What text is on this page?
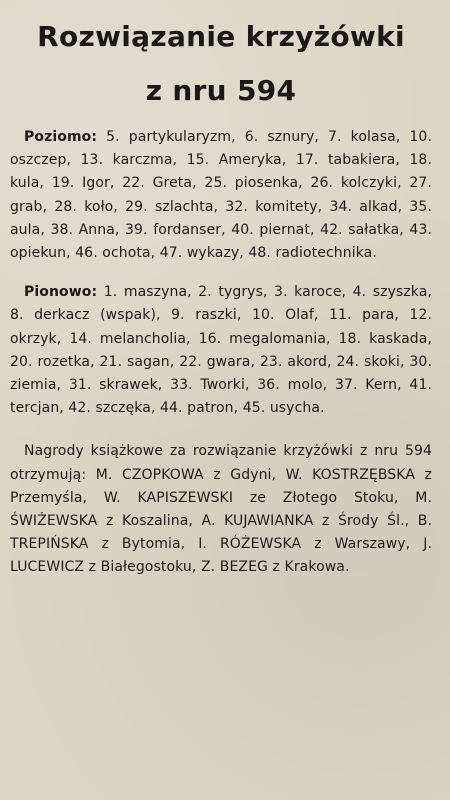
Rozwiązanie krzyżówki
z nru 594

Poziomo: 5. partykularyzm, 6. sznury, 7. kolasa, 10. oszczep, 13. karczma, 15. Ameryka, 17. tabakiera, 18. kula, 19. Igor, 22. Greta, 25. piosenka, 26. kolczyki, 27. grab, 28. koło, 29. szlachta, 32. komitety, 34. alkad, 35. aula, 38. Anna, 39. fordanser, 40. piernat, 42. sałatka, 43. opiekun, 46. ochota, 47. wykazy, 48. radiotechnika.

Pionowo: 1. maszyna, 2. tygrys, 3. karoce, 4. szyszka, 8. derkacz (wspak), 9. raszki, 10. Olaf, 11. para, 12. okrzyk, 14. melancholia, 16. megalomania, 18. kaskada, 20. rozetka, 21. sagan, 22. gwara, 23. akord, 24. skoki, 30. ziemia, 31. skrawek, 33. Tworki, 36. molo, 37. Kern, 41. tercjan, 42. szczęka, 44. patron, 45. usycha.

Nagrody książkowe za rozwiązanie krzyżówki z nru 594 otrzymują: M. CZOPKOWA z Gdyni, W. KOSTRZĘBSKA z Przemyśla, W. KAPISZEWSKI ze Złotego Stoku, M. ŚWIŻEWSKA z Koszalina, A. KUJAWIANKA z Środy Śl., B. TREPIŃSKA z Bytomia, I. RÓŻEWSKA z Warszawy, J. LUCEWICZ z Białegostoku, Z. BEZEG z Krakowa.
